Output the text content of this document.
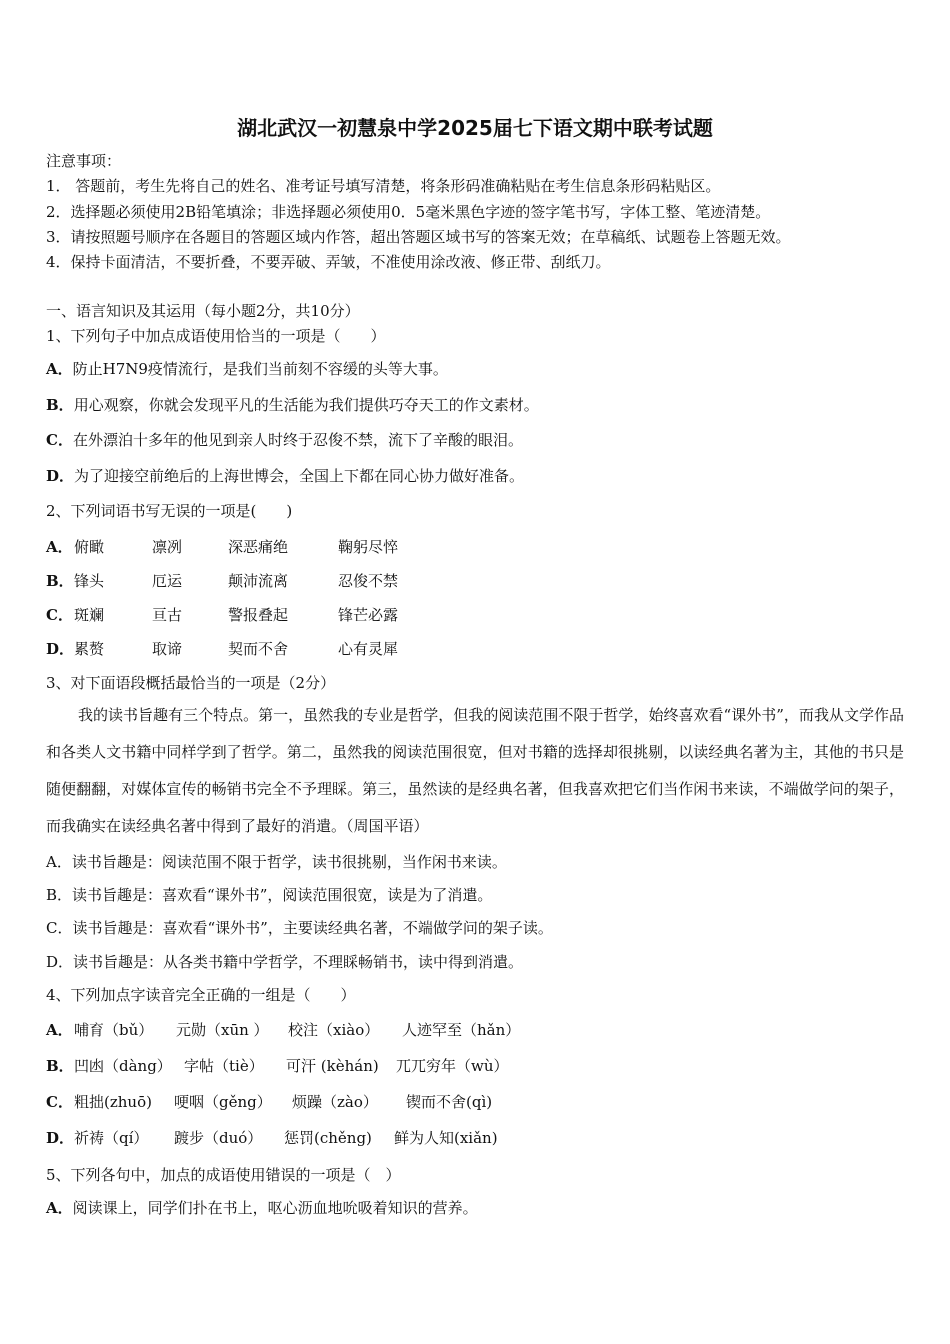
湖北武汉一初慧泉中学2025届七下语文期中联考试题
注意事项：
1． 答题前，考生先将自己的姓名、准考证号填写清楚，将条形码准确粘贴在考生信息条形码粘贴区。
2．选择题必须使用2B铅笔填涂；非选择题必须使用0．5毫米黑色字迹的签字笔书写，字体工整、笔迹清楚。
3．请按照题号顺序在各题目的答题区域内作答，超出答题区域书写的答案无效；在草稿纸、试题卷上答题无效。
4．保持卡面清洁，不要折叠，不要弄破、弄皱，不准使用涂改液、修正带、刮纸刀。
一、语言知识及其运用（每小题2分，共10分）
1、下列句子中加点成语使用恰当的一项是（　　）
A．防止H7N9疫情流行，是我们当前刻不容缓的头等大事。
B．用心观察，你就会发现平凡的生活能为我们提供巧夺天工的作文素材。
C．在外漂泊十多年的他见到亲人时终于忍俊不禁，流下了辛酸的眼泪。
D．为了迎接空前绝后的上海世博会，全国上下都在同心协力做好准备。
2、下列词语书写无误的一项是(　　)
A．俯瞰	凛冽	深恶痛绝	鞠躬尽悴
B．锋头	厄运	颠沛流离	忍俊不禁
C．斑斓	亘古	警报叠起	锋芒必露
D．累赘	取谛	契而不舍	心有灵犀
3、对下面语段概括最恰当的一项是（2分）
我的读书旨趣有三个特点。第一，虽然我的专业是哲学，但我的阅读范围不限于哲学，始终喜欢看“课外书”，而我从文学作品和各类人文书籍中同样学到了哲学。第二，虽然我的阅读范围很宽，但对书籍的选择却很挑剔，以读经典名著为主，其他的书只是随便翻翻，对媒体宣传的畅销书完全不予理睬。第三，虽然读的是经典名著，但我喜欢把它们当作闲书来读，不端做学问的架子，而我确实在读经典名著中得到了最好的消遣。（周国平语）
A．读书旨趣是：阅读范围不限于哲学，读书很挑剔，当作闲书来读。
B．读书旨趣是：喜欢看“课外书”，阅读范围很宽，读是为了消遣。
C．读书旨趣是：喜欢看“课外书”，主要读经典名著，不端做学问的架子读。
D．读书旨趣是：从各类书籍中学哲学，不理睬畅销书，读中得到消遣。
4、下列加点字读音完全正确的一组是（　　）
A．哺育（bǔ） 元勋（xūn ） 校注（xiào） 人迹罕至（hǎn）
B．凹凼（dàng） 字帖（tiè） 可汗 (kèhán) 兀兀穷年（wù）
C．粗拙(zhuō) 哽咽（gěng） 烦躁（zào） 锲而不舍(qì)
D．祈祷（qí） 踱步（duó） 惩罚(chěng) 鲜为人知(xiǎn)
5、下列各句中，加点的成语使用错误的一项是（　）
A．阅读课上，同学们扑在书上，呕心沥血地吮吸着知识的营养。
